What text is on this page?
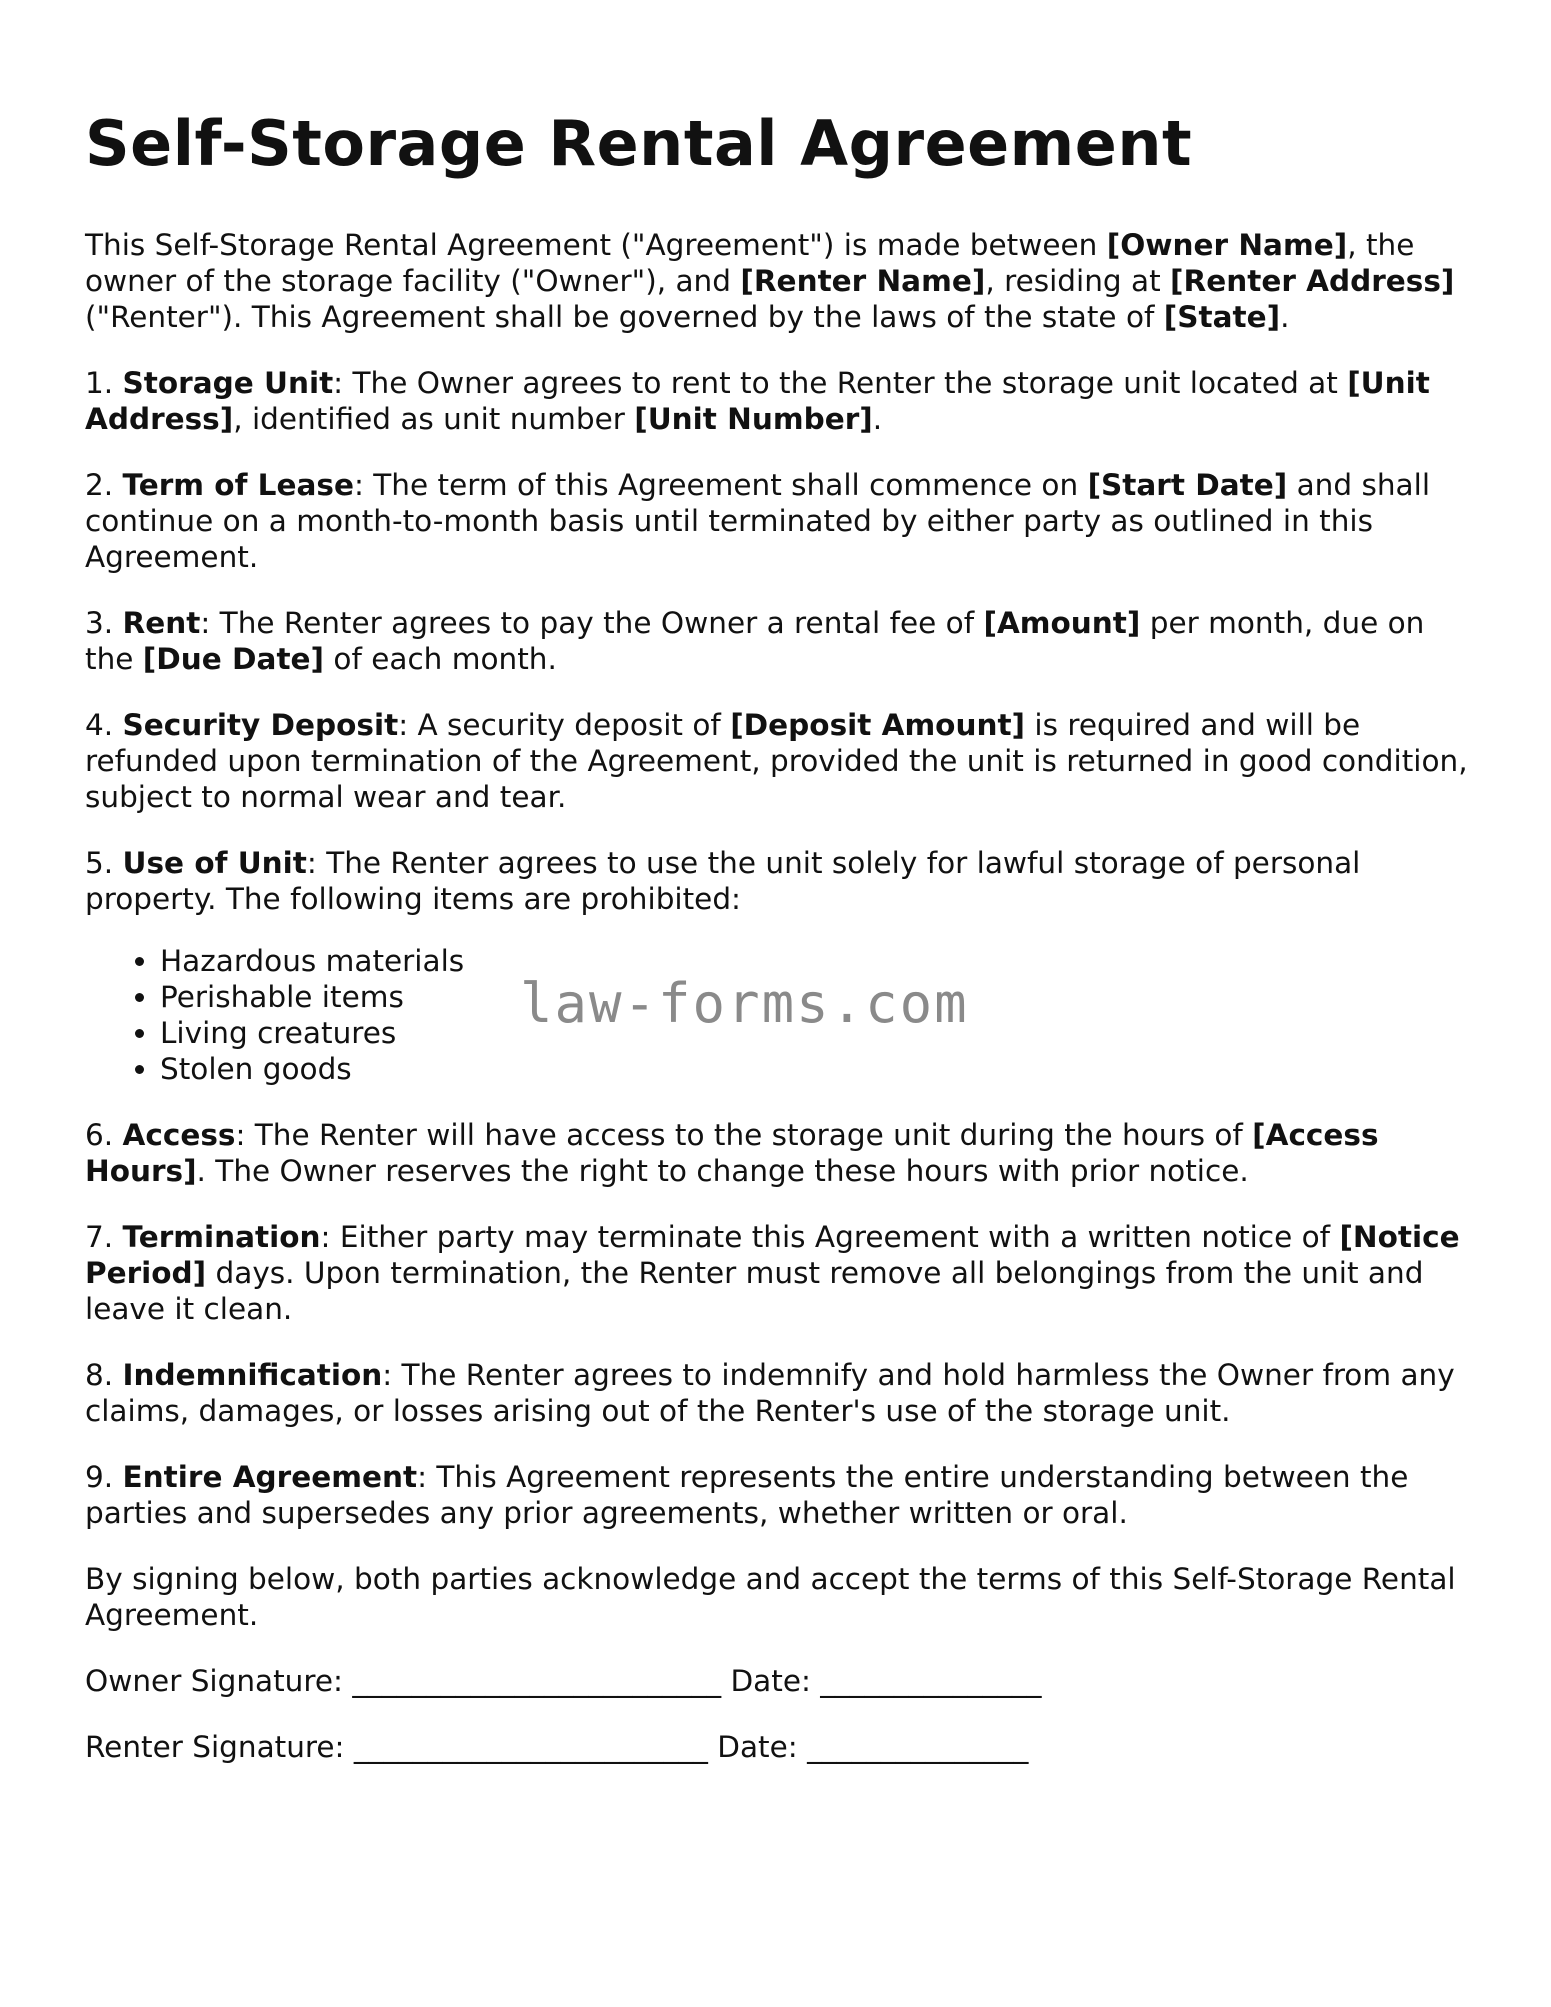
Self-Storage Rental Agreement

This Self-Storage Rental Agreement ("Agreement") is made between [Owner Name], the owner of the storage facility ("Owner"), and [Renter Name], residing at [Renter Address] ("Renter"). This Agreement shall be governed by the laws of the state of [State].

1. Storage Unit: The Owner agrees to rent to the Renter the storage unit located at [Unit Address], identified as unit number [Unit Number].

2. Term of Lease: The term of this Agreement shall commence on [Start Date] and shall continue on a month-to-month basis until terminated by either party as outlined in this Agreement.

3. Rent: The Renter agrees to pay the Owner a rental fee of [Amount] per month, due on the [Due Date] of each month.

4. Security Deposit: A security deposit of [Deposit Amount] is required and will be refunded upon termination of the Agreement, provided the unit is returned in good condition, subject to normal wear and tear.

5. Use of Unit: The Renter agrees to use the unit solely for lawful storage of personal property. The following items are prohibited:

• Hazardous materials
• Perishable items
• Living creatures
• Stolen goods

6. Access: The Renter will have access to the storage unit during the hours of [Access Hours]. The Owner reserves the right to change these hours with prior notice.

7. Termination: Either party may terminate this Agreement with a written notice of [Notice Period] days. Upon termination, the Renter must remove all belongings from the unit and leave it clean.

8. Indemnification: The Renter agrees to indemnify and hold harmless the Owner from any claims, damages, or losses arising out of the Renter's use of the storage unit.

9. Entire Agreement: This Agreement represents the entire understanding between the parties and supersedes any prior agreements, whether written or oral.

By signing below, both parties acknowledge and accept the terms of this Self-Storage Rental Agreement.

Owner Signature: _________________________ Date: _______________

Renter Signature: ________________________ Date: _______________

law-forms.com
